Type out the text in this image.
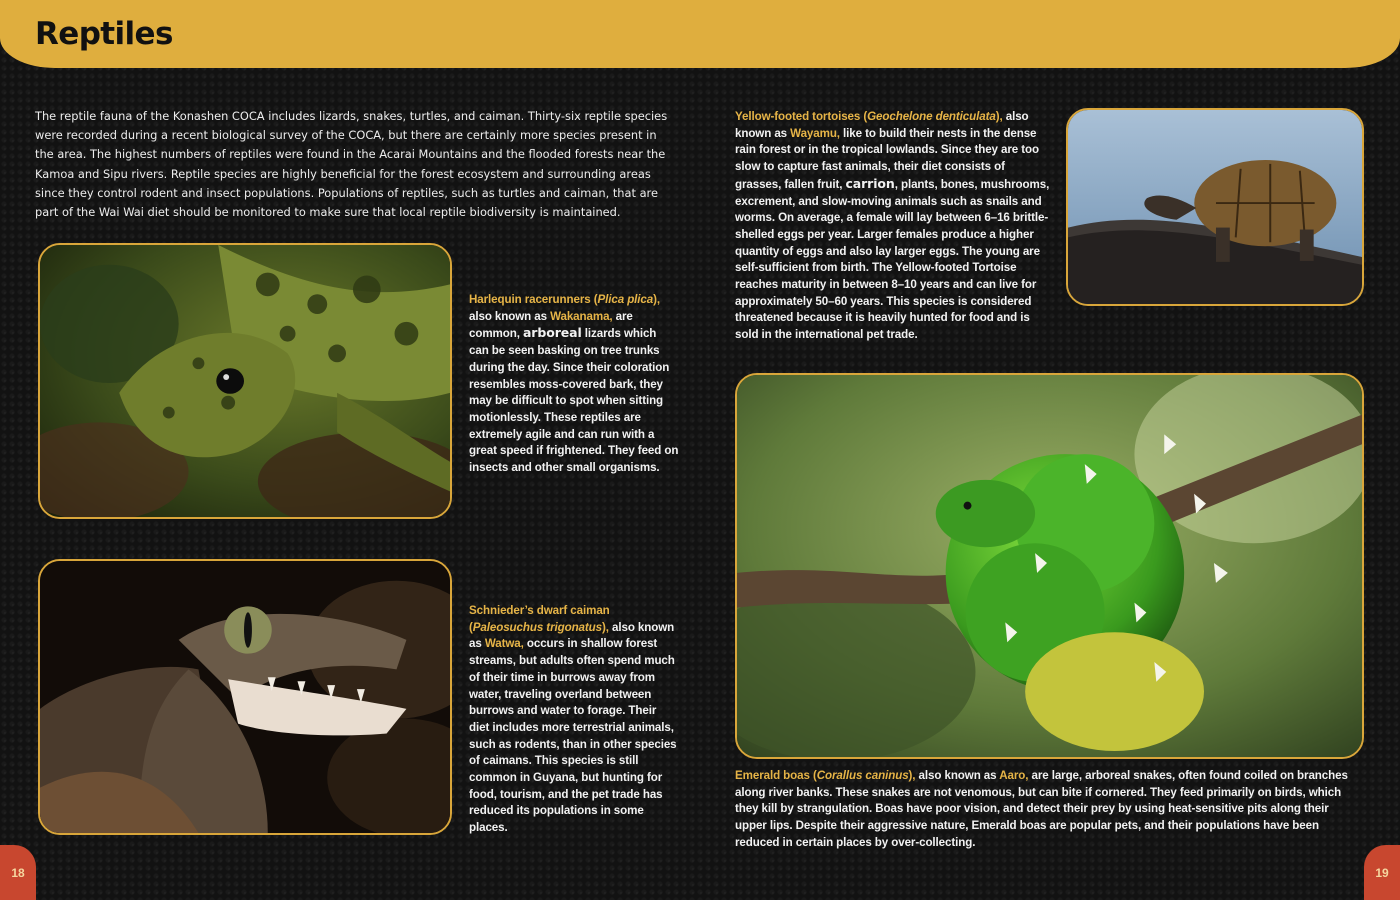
Reptiles

The reptile fauna of the Konashen COCA includes lizards, snakes, turtles, and caiman. Thirty-six reptile species were recorded during a recent biological survey of the COCA, but there are certainly more species present in the area. The highest numbers of reptiles were found in the Acarai Mountains and the flooded forests near the Kamoa and Sipu rivers. Reptile species are highly beneficial for the forest ecosystem and surrounding areas since they control rodent and insect populations. Populations of reptiles, such as turtles and caiman, that are part of the Wai Wai diet should be monitored to make sure that local reptile biodiversity is maintained.

Harlequin racerunners (Plica plica), also known as Wakanama, are common, arboreal lizards which can be seen basking on tree trunks during the day. Since their coloration resembles moss-covered bark, they may be difficult to spot when sitting motionlessly. These reptiles are extremely agile and can run with a great speed if frightened. They feed on insects and other small organisms.

Schnieder’s dwarf caiman (Paleosuchus trigonatus), also known as Watwa, occurs in shallow forest streams, but adults often spend much of their time in burrows away from water, traveling overland between burrows and water to forage. Their diet includes more terrestrial animals, such as rodents, than in other species of caimans. This species is still common in Guyana, but hunting for food, tourism, and the pet trade has reduced its populations in some places.

Yellow-footed tortoises (Geochelone denticulata), also known as Wayamu, like to build their nests in the dense rain forest or in the tropical lowlands. Since they are too slow to capture fast animals, their diet consists of grasses, fallen fruit, carrion, plants, bones, mushrooms, excrement, and slow-moving animals such as snails and worms. On average, a female will lay between 6–16 brittle-shelled eggs per year. Larger females produce a higher quantity of eggs and also lay larger eggs. The young are self-sufficient from birth. The Yellow-footed Tortoise reaches maturity in between 8–10 years and can live for approximately 50–60 years. This species is considered threatened because it is heavily hunted for food and is sold in the international pet trade.

Emerald boas (Corallus caninus), also known as Aaro, are large, arboreal snakes, often found coiled on branches along river banks. These snakes are not venomous, but can bite if cornered. They feed primarily on birds, which they kill by strangulation. Boas have poor vision, and detect their prey by using heat-sensitive pits along their upper lips. Despite their aggressive nature, Emerald boas are popular pets, and their populations have been reduced in certain places by over-collecting.

18	19
